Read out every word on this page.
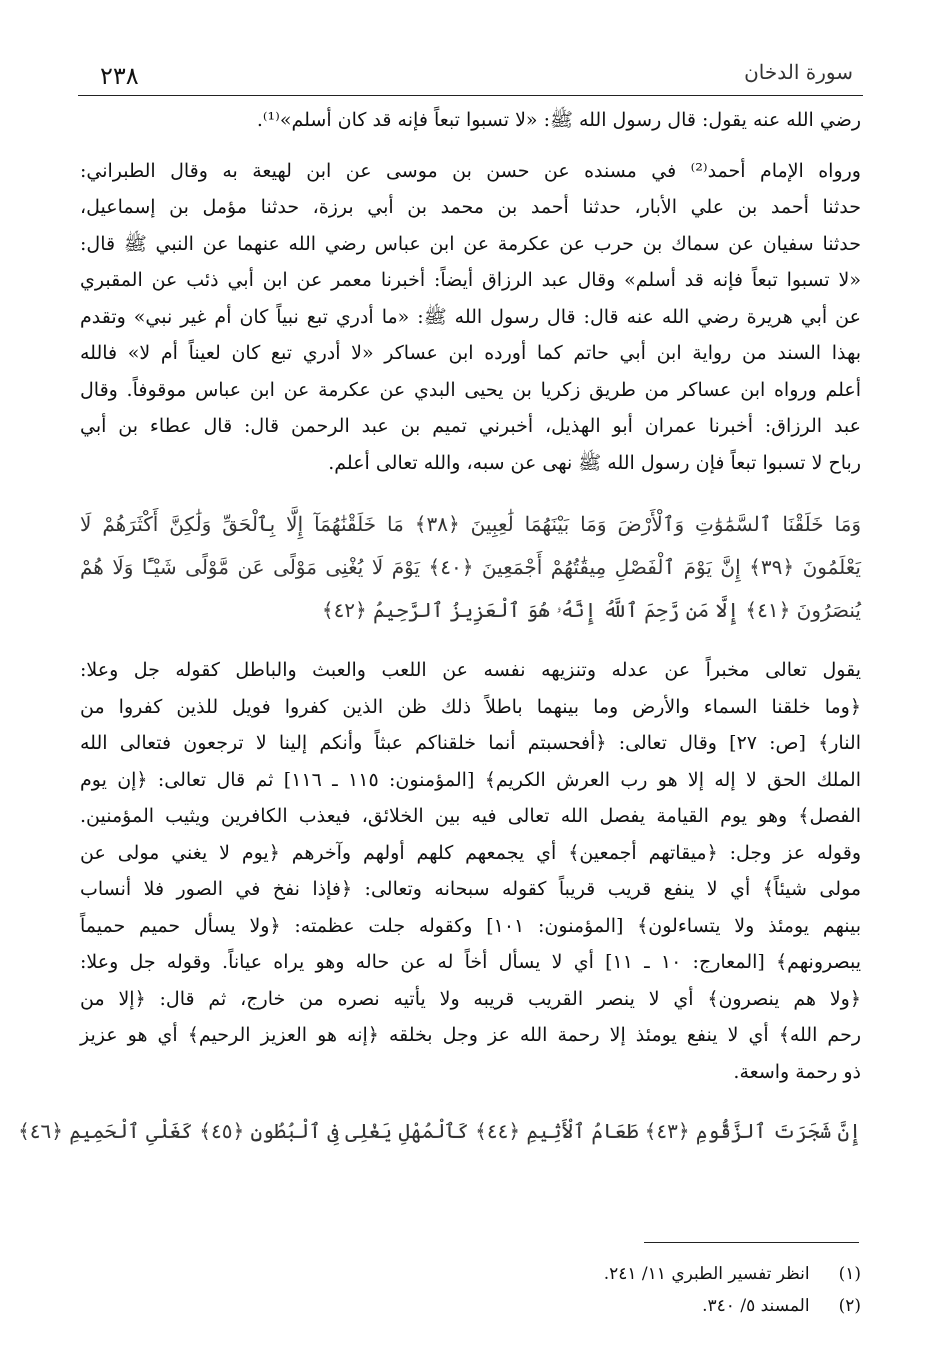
٢٣٨	سورة الدخان
رضي الله عنه يقول: قال رسول الله ﷺ: «لا تسبوا تبعاً فإنه قد كان أسلم»⁽¹⁾.
ورواه الإمام أحمد⁽²⁾ في مسنده عن حسن بن موسى عن ابن لهيعة به وقال الطبراني:
حدثنا أحمد بن علي الأبار، حدثنا أحمد بن محمد بن أبي برزة، حدثنا مؤمل بن إسماعيل،
حدثنا سفيان عن سماك بن حرب عن عكرمة عن ابن عباس رضي الله عنهما عن النبي ﷺ قال:
«لا تسبوا تبعاً فإنه قد أسلم» وقال عبد الرزاق أيضاً: أخبرنا معمر عن ابن أبي ذئب عن المقبري
عن أبي هريرة رضي الله عنه قال: قال رسول الله ﷺ: «ما أدري تبع نبياً كان أم غير نبي» وتقدم
بهذا السند من رواية ابن أبي حاتم كما أورده ابن عساكر «لا أدري تبع كان لعيناً أم لا» فالله
أعلم ورواه ابن عساكر من طريق زكريا بن يحيى البدي عن عكرمة عن ابن عباس موقوفاً. وقال
عبد الرزاق: أخبرنا عمران أبو الهذيل، أخبرني تميم بن عبد الرحمن قال: قال عطاء بن أبي
رباح لا تسبوا تبعاً فإن رسول الله ﷺ نهى عن سبه، والله تعالى أعلم.
وَمَا خَلَقْنَا ٱلسَّمَٰوَٰتِ وَٱلْأَرْضَ وَمَا بَيْنَهُمَا لَٰعِبِينَ ﴿٣٨﴾ مَا خَلَقْنَٰهُمَآ إِلَّا بِٱلْحَقِّ وَلَٰكِنَّ أَكْثَرَهُمْ لَا
يَعْلَمُونَ ﴿٣٩﴾ إِنَّ يَوْمَ ٱلْفَصْلِ مِيقَٰتُهُمْ أَجْمَعِينَ ﴿٤٠﴾ يَوْمَ لَا يُغْنِى مَوْلًى عَن مَّوْلًى شَيْـًٔا وَلَا هُمْ
يُنصَرُونَ ﴿٤١﴾ إِلَّا مَن رَّحِمَ ٱللَّهُ إِنَّهُۥ هُوَ ٱلْعَزِيزُ ٱلرَّحِيمُ ﴿٤٢﴾
يقول تعالى مخبراً عن عدله وتنزيهه نفسه عن اللعب والعبث والباطل كقوله جل وعلا:
﴿وما خلقنا السماء والأرض وما بينهما باطلاً ذلك ظن الذين كفروا فويل للذين كفروا من
النار﴾ [ص: ٢٧] وقال تعالى: ﴿أفحسبتم أنما خلقناكم عبثاً وأنكم إلينا لا ترجعون فتعالى الله
الملك الحق لا إله إلا هو رب العرش الكريم﴾ [المؤمنون: ١١٥ ـ ١١٦] ثم قال تعالى: ﴿إن يوم
الفصل﴾ وهو يوم القيامة يفصل الله تعالى فيه بين الخلائق، فيعذب الكافرين ويثيب المؤمنين.
وقوله عز وجل: ﴿ميقاتهم أجمعين﴾ أي يجمعهم كلهم أولهم وآخرهم ﴿يوم لا يغني مولى عن
مولى شيئاً﴾ أي لا ينفع قريب قريباً كقوله سبحانه وتعالى: ﴿فإذا نفخ في الصور فلا أنساب
بينهم يومئذ ولا يتساءلون﴾ [المؤمنون: ١٠١] وكقوله جلت عظمته: ﴿ولا يسأل حميم حميماً
يبصرونهم﴾ [المعارج: ١٠ ـ ١١] أي لا يسأل أخاً له عن حاله وهو يراه عياناً. وقوله جل وعلا:
﴿ولا هم ينصرون﴾ أي لا ينصر القريب قريبه ولا يأتيه نصره من خارج، ثم قال: ﴿إلا من
رحم الله﴾ أي لا ينفع يومئذ إلا رحمة الله عز وجل بخلقه ﴿إنه هو العزيز الرحيم﴾ أي هو عزيز
ذو رحمة واسعة.
إِنَّ شَجَرَتَ ٱلزَّقُّومِ ﴿٤٣﴾ طَعَامُ ٱلْأَثِيمِ ﴿٤٤﴾ كَٱلْمُهْلِ يَغْلِى فِى ٱلْبُطُونِ ﴿٤٥﴾ كَغَلْىِ ٱلْحَمِيمِ ﴿٤٦﴾
(١) انظر تفسير الطبري ١١/ ٢٤١.
(٢) المسند ٥/ ٣٤٠.
